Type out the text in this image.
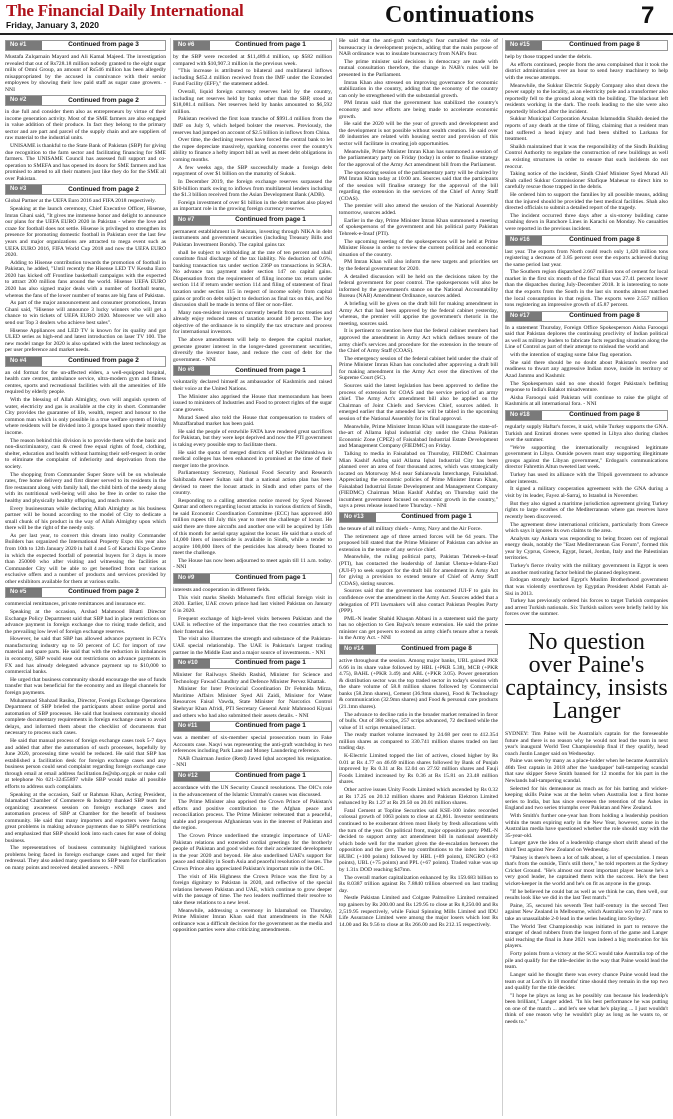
The Financial Daily International
Friday, January 3, 2020	Continuations	7
No #1	Continued from page 3

Mustafa Zulqarnain Mayard and Ali Kamal Majeed. The investigation revealed that out of Rs728.18 million nobody granted to the eight sugar mills of Omni Group, an amount of Rs546 million has been allegedly misappropriated by the accused in connivance with their senior employees by showing their low paid staff as sugar cane growers. - NNI

No #2	Continued from page 2

in due full and consider them also as entrepreneurs by virtue of their income generation activity. Most of the SME farmers are also engaged in value addition of their produce. In fact they belong to the primary sector and are part and parcel of the supply chain and are suppliers of raw material to the industrial units.

UNISAME is thankful to the State Bank of Pakistan (SBP) for giving due recognition to the farm sector and facilitating financing for SME farmers. The UNISAME Council has assessed full support and co-operation to SMEFA and has opened its doors for SME farmers and has promised to attend to all their matters just like they do for the SME all over Pakistan.

No #3	Continued from page 2

Global Partner at the UEFA Euro 2016 and FIFA 2018 respectively.

Speaking at the launch ceremony, Chief Executive Officer, Hisense, Imran Ghani said, "It gives me immense honor and delight to announce our plans for the UEFA EURO 2020 in Pakistan - where the love and craze for football does not settle. Hisense is privileged to strengthen its presence for promoting domestic football in Pakistan over the last few years and major organizations are attracted to mega event such as UEFA EURO 2016, FIFA World Cup 2018 and now the UEFA EURO 2020.

Adding to Hisense contribution towards the promotion of football in Pakistan, he added, "Until recently the Hisense LED TV Kessha Euro 2020 has kicked off Frontline basketball campaigns with the expected to attract 200 million fans around the world. Hisense UEFA EURO 2020 has also signed major deals with a number of football teams, whereas the fans of the lower number of teams are big fans of Pakistan.

As part of the major announcement and consumer promotions, Imran Ghani said, "Hisense will announce 3 lucky winners who will get a chance to win tickets of UEFA EURO 2020. Moreover we will also send our Top 3 dealers who achieve best sales".

Hisense Appliances and LED TV is known for its quality and got ULED series as high-end and latest introduction on laser TV 100. The new model range for 2020 is also updated with the latest technology as per user preference and market needs.

No #4	Continued from page 2

an old format for the un-affected elders, a well-equipped hospital, health care centres, ambulance service, ultra-modern gym and fitness centres, sports and recreational facilities with all the amenities of life required by elderly people.

With the blessing of Allah Almighty, own will anguish system of water, electricity and gas is available at the city in short. Commander City provides the guarantee of life, wealth, respect and honour to the common man which is only possible in a true welfare system of living where residents will be divided into 3 groups based upon their monthly income.

The reason behind this division is to provide them with the basic and non-discriminatory, cast & creed free equal rights of food, clothing, shelter, education and health without harming their self-respect in order to eliminate the complaint of inferiority and deprivation from the society.

The shopping from Commander Super Store will be on wholesale rates, free home delivery and first dinner served to its residents in the fire restaurant along with family hall, the child birth of the needy along with its nutritional well-being will also be free in order to raise the healthy and physically healthy offspring, and much more.

Every businessman while declaring Allah Almighty as his business partner will be bound according to the model of City to dedicate a small chunk of his product in the way of Allah Almighty upon which there will be the right of the needy only.

As per last year, to convert this dream into reality Commander Builders has organized the International Property Expo this year also from 10th to 12th January 2020 in hall 4 and 5 of Karachi Expo Centre in which the expected footfall of potential buyers for 3 days is more than 250000 who after visiting and witnessing the facilities at Commander City will be able to get benefited from our various exclusive offers and a number of products and services provided by other exhibitors available for them at various stalls.

No #5	Continued from page 2

commercial remittances, private remittances and insurance etc.

Speaking at the occasion, Arshad Mahmood Bhatti Director Exchange Policy Department said that SBP had in place restrictions on advance payment in foreign exchange due to rising trade deficit, and the prevailing low level of foreign exchange reserves.

However, he said that SBP has allowed advance payment in FCYs manufacturing industry up to 50 percent of LC for import of raw material and spare parts. He said that with the reduction in imbalances in economy, SBP would ease out restrictions on advance payments in FX and has already delegated advance payment up to $10,000 to commercial banks.

He urged that business community should encourage the use of funds transfer that was beneficial for the economy and an illegal channels for foreign payments.

Muhammad Shahzad Rasika, Director, Foreign Exchange Operations Department of SBP briefed the participants about online portal and automation of SBP processes. He said that business community should complete documentary requirements in foreign exchange cases to avoid delays, and informed them about the checklist of documents that necessary to process such cases.

He said that manual process of foreign exchange cases took 5-7 days and added that after the automation of such processes, hopefully by June 2020, processing time would be reduced. He said that SBP has established a facilitation desk for foreign exchange cases and any business person could send complaint regarding foreign exchange case through email at email address facilitation.fe@sbp.org.pk or make call at telephone No 021-32455897 while SBP would make all possible efforts to address such complaints.

Speaking at the occasion, Saif ur Rahman Khan, Acting President, Islamabad Chamber of Commerce & Industry thanked SBP team for organizing awareness session on foreign exchange cases and automation process of SBP at Chamber for the benefit of business community. He said that many importers and exporters were facing great problems in making advance payments due to SBP's restrictions and emphasized that SBP should look into such cases for ease of doing business.

The representatives of business community highlighted various problems being faced in foreign exchange cases and urged for their redressal. They also asked many questions to SBP team for clarification on many points and received detailed answers. - NNI

No #6	Continued from page 1

by the SBP were recorded at $11,489.4 million, up $582 million compared with $10,907.3 million in the previous week.

"This increase is attributed to bilateral and multilateral inflows including $452.4 million received from the IMF under the Extended Fund Facility (EFF)," the statement added.

Overall, liquid foreign currency reserves held by the country, including net reserves held by banks other than the SBP, stood at $18,081.4 million. Net reserves held by banks amounted to $6,592 million.

Pakistan received the first loan tranche of $991.4 million from the IMF on July 9, which helped bolster the reserves. Previously, the reserves had jumped on account of $2.5 billion in inflows from China.

Over time, the declining reserves have forced the central bank to let the rupee depreciate massively, sparking concerns over the country's ability to finance a hefty import bill as well as meet debt obligations in coming months.

A few weeks ago, the SBP successfully made a foreign debt repayment of over $1 billion on the maturity of Sukuk.

In December 2019, the foreign exchange reserves surpassed the $10-billion mark owing to inflows from multilateral lenders including the $1.3 billion received from the Asian Development Bank (ADB).

Foreign investment of over $1 billion in the debt market also played an important role in the growing foreign currency reserves.

No #7	Continued from page 1

permanent establishment in Pakistan, investing through NIKA in debt instruments and government securities (including Treasury Bills and Pakistan Investment Bonds). The capital gains tax

shall be subject to withholding at the rate of ten percent and shall constitute final discharge of the tax liability. No deduction of 0.6%, banking transaction tax under section 236P on transactions in SCRA. No advance tax payment under section 147 on capital gains. Dispensation from the requirement of filing income tax return under section 114 if return under section 114 and filing of statement of final taxation under section 115 in respect of income solely from capital gains or profit on debt subject to deduction as final tax on this, and No discussion shall be made in terms of filer or non-filer.

Many non-resident investors currently benefit from tax treaties and already enjoy reduced rates of taxation around 10 percent. The key objective of the ordinance is to simplify the tax structure and process for international investors.

The above amendments will help to deepen the capital market, generate greater interest in the longer-dated government securities, diversify the investor base, and reduce the cost of debt for the government. - NNI

No #8	Continued from page 1

voluntarily declared himself as ambassador of Kashmiris and raised their voice at the United Nations.

The Minister also apprised the House that memorandum has been issued to ministers of Industries and Food to protect rights of the sugar cane growers.

Murad Saeed also told the House that compensation to traders of Muzaffarabad market has been paid.

He said the people of erstwhile FATA have rendered great sacrifices for Pakistan, but they were kept deprived and now the PTI government is taking every possible step to facilitate them.

He said the quota of merged districts of Khyber Pakhtunkhwa in medical colleges has been enhanced in promised at the time of their merger into the province.

Parliamentary Secretary, National Food Security and Research Sahibzada Ameer Sultan said that a national action plan has been devised to meet the locust attack in Sindh and other parts of the country.

Responding to a calling attention notice moved by Syed Naveed Qamar and others regarding locust attacks in various districts of Sindh, he said Economic Coordination Committee (ECC) has approved 460 million rupees till July this year to meet the challenge of locust. He said there are three aircrafts and another one will be acquired by 15th of this month for aerial spray against the locust. He said that a stock of 14,000 liters of insecticide is available in Sindh, while a tender to acquire 100,000 liters of the pesticides has already been floated to meet the challenge.

The House has now been adjourned to meet again till 11 a.m. today. - NNI

No #9	Continued from page 1

interests and cooperation in different fields.

This visit marks Sheikh Mohamed's first official foreign visit in 2020. Earlier, UAE crown prince had last visited Pakistan on January 6 in 2020.

Frequent exchange of high-level visits between Pakistan and the UAE is reflective of the importance that the two countries attach to their fraternal ties.

The visit also illustrates the strength and substance of the Pakistan-UAE special relationship. The UAE is Pakistan's largest trading partner in the Middle East and a major source of investments. - NNI

No #10	Continued from page 1

Minister for Railways Sheikh Rashid, Minister for Science and Technology Fawad Chaudhry and Defence Minister Pervez Khattak.

Minister for Inter Provincial Coordination Dr Fehmida Mirza, Maritime Affairs Minister Syed Ali Zaidi, Minister for Water Resources Faisal Vawda, State Minister for Narcotics Control Shehryar Khan Afridi, PTI Secretary General Amir Mahmood Kiyani and others who had also submitted their assets details. - NNI

No #11	Continued from page 1

was a member of six-member special prosecution team in Fake Accounts case. Naqvi was representing the anti-graft watchdog in two references including Park Lane and Money Laundering reference.

NAB Chairman Justice (Retd) Javed Iqbal accepted his resignation. - NNI

No #12	Continued from page 1

accordance with the UN Security Council resolutions. The OIC's role in the advancement of the Islamic Ummah's causes was discussed.

The Prime Minister also apprised the Crown Prince of Pakistan's efforts and positive contribution to the Afghan peace and reconciliation process. The Prime Minister reiterated that a peaceful, stable and prosperous Afghanistan was in the interest of Pakistan and the region.

The Crown Prince underlined the strategic importance of UAE-Pakistan relations and extended cordial greetings for the brotherly people of Pakistan and good wishes for their accelerated development in the year 2020 and beyond. He also underlined UAE's support for peace and stability in South Asia and peaceful resolution of issues. The Crown Prince also appreciated Pakistan's important role in the OIC.

The visit of His Highness the Crown Prince was the first by a foreign dignitary to Pakistan in 2020, and reflective of the special relations between Pakistan and UAE, which continue to grow deeper with the passage of time. The two leaders reaffirmed their resolve to take these relations to a new level.

Meanwhile, addressing a ceremony in Islamabad on Thursday, Prime Minister Imran Khan said that amendments in the NAB ordinance was a difficult decision for the government as the media and opposition parties were also criticizing amendments.

He said that the anti-graft watchdog's fear curtailed the role of bureaucracy in development projects, adding that the main purpose of NAB ordinance was to insulate bureaucracy from NAB's fear.

The prime minister said decisions in democracy are made with mutual consultation therefore, the change in NAB's rules will be presented in the Parliament.

Imran Khan also stressed on improving governance for economic stabilization in the country, adding that the economy of the country can only be strengthened with the substantial growth.

PM Imran said that the government has stabilized the country's economy and now efforts are being made to accelerate economic growth.

He said the 2020 will be the year of growth and development and the development is not possible without wealth creation. He said over 40 industries are related with housing sector and provision of this sector will facilitate in creating job opportunities.

Meanwhile, Prime Minister Imran Khan has summoned a session of the parliamentary party on Friday (today) in order to finalise strategy for the approval of the Army Act amendment bill from the Parliament.

The sponsoring session of the parliamentary party will be chaired by PM Imran Khan today at 10:00 am. Sources said that the participants of the session will finalise strategy for the approval of the bill regarding the extension in the services of the Chief of Army Staff (COAS).

The premier will also attend the session of the National Assembly tomorrow, sources added.

Earlier in the day, Prime Minister Imran Khan summoned a meeting of spokespersons of the government and his political party Pakistan Tehreek-e-Insaf (PTI).

The upcoming meeting of the spokespersons will be held at Prime Minister House in order to review the current political and economic situation of the country.

PM Imran Khan will also inform the new targets and priorities set by the federal government for 2020.

A detailed discussion will be held on the decisions taken by the federal government for poor control. The spokespersons will also be informed by the government's stance on the National Accountability Bureau (NAB) Amendment Ordinance, sources added.

A briefing will be given on the draft bill for making amendment in Army Act that had been approved by the federal cabinet yesterday, whereas, the premier will apprise the government's rhetoric in the meeting, sources said.

It is pertinent to mention here that the federal cabinet members had approved the amendment in Army Act which defines tenure of the army chief's services and procedure for the extension in the tenure of the Chief of Army Staff (COAS).

The emergency session of the federal cabinet held under the chair of Prime Minister Imran Khan has concluded after approving a draft bill for making amendment in the Army Act over the directives of the Supreme Court (SC).

Sources said the latest legislation has been approved to define the process of extension for COAS and the service period of an army chief. The Army Act's amendment bill also be applied on the Chairman of Joint Chiefs and Services Chief, sources added. It emerged earlier that the amended law will be tabled in the upcoming session of the National Assembly for its final approval.

Meanwhile, Prime Minister Imran Khan will inaugurate the state-of-the-art of Allama Iqbal industrial city under the China Pakistan Economic Zone (CPEZ) of Faisalabad Industrial Estate Development and Management Company (FIEDMC) on Friday.

Talking to media in Faisalabad on Thursday, FIEDMC Chairman Mian Kashif Ashfaq said Allama Iqbal Industrial City has been planned over an area of four thousand acres, which was strategically located on Motorway M-4 near Sahianwala Interchange, Faisalabad. Appreciating the economic policies of Prime Minister Imran Khan, Faisalabad Industrial Estate Development and Management Company (FIEDMC) Chairman Mian Kashif Ashfaq on Thursday said the incumbent government focused on economic growth in the country," says a press release issued here Thursday. - NNI

No #13	Continued from page 1

the tenure of all military chiefs - Army, Navy and the Air Force.

The retirement age of three armed forces will be 64 years. The proposed bill stated that the Prime Minister of Pakistan can advise an extension in the tenure of any service chief.

Meanwhile, the ruling political party, Pakistan Tehreek-e-Insaf (PTI), has contacted the leadership of Jamiat Ulema-e-Islam-Fazl (JUI-F) to seek support for the draft bill for amendment in Army Act for giving a provision to extend tenure of Chief of Army Staff (COAS), sisting sources.

Sources said that the government has contacted JUI-F to gain its confidence over the amendment in the Army Act. Sources added that a delegation of PTI lawmakers will also contact Pakistan Peoples Party (PPP).

PML-N leader Shahid Khaqan Abbasi in a statement said the party has no objection to Gen Bajwa's tenure extension. He said the prime minister can get powers to extend an army chief's tenure after a tweak in the Army Act. - NNI

No #14	Continued from page 8

active throughout the session. Among major banks, UBL gained PKR 6.66 in its share value followed by HBL (+PKR 5.38), MCB (+PKR 4.75), BAHL (+PKR 3.49) and ABL (+PKR 3.05). Power generation & distribution sector was the top traded sector in today's session with the share volume of 58.8 million shares followed by Commercial banks (58.2mn shares), Cement (36.9mn shares), Food & Technology & communication (32.9mn shares) and Food & personal care products (21.1mn shares).

The advance to decline ratio in the broader market remained in favor of bulls. Out of 380 scrips, 257 scrips advanced, 72 declined while the value of 11 scrips remained intact.

The ready market volume increased by 24.68 per cent to 412.354 million shares as compared to 330.741 million shares traded on last trading day.

K-Electric Limited topped the list of actives, closed higher by Rs 0.01 at Rs 4.77 on 46.69 million shares followed by Bank of Punjab improved by Rs 0.31 at Rs 12.04 on 27.92 million shares and Fauji Foods Limited increased by Rs 0.36 at Rs 15.81 on 23.48 million shares.

Other active issues Unity Foods Limited which ascended by Rs 0.32 at Rs 17.25 on 20.12 million shares and Pakistan Elektron Limited enhanced by Rs 1.27 at Rs 29.50 on 20.01 million shares.

Fatal Cement at Topline Securities said KSE-100 index recorded colossal growth of 1063 points to close at 42,861. Investor sentiments continued to be exuberant driven most likely by fresh allocations with the turn of the year. On political front, major opposition party PML-N decided to support army act amendment bill in national assembly which bode well for the market given the de-escalation between the opposition and the govt. The top contributions to the index included HUBC (+100 points) followed by HBL (+89 points), ENGRO (+83 points), UBL (+75 points) and PPL (+67 points). Traded value was up by 1.31x DOD reaching $47mn.

The overall market capitalization enhanced by Rs 159.683 billion to Rs 8.0387 trillion against Rs 7.8840 trillion observed on last trading day.

Nestle Pakistan Limited and Colgate Palmolive Limited remained top gainers by Rs 200.00 and Rs 129.95 to close at Rs 8,250.00 and Rs 2,519.95 respectively, while Faisal Spinning Mills Limited and IDU Life Assurance Limited were among the major losers which lost Rs 14.00 and Rs 9.56 to close at Rs 266.00 and Rs 212.15 respectively.

No #15	Continued from page 8

help by those trapped under the debris.

As efforts continued, people from the area complained that it took the district administration over an hour to send heavy machinery to help with the rescue attempts.

Meanwhile, the Sukkur Electric Supply Company also shut down the power supply to the locality, as an electricity pole and a transformer also reportedly fell to the ground along with the building. The blackout left residents working in the dark. The roofs leading to the site were also reportedly blocked after the incident.

Sukkur Municipal Corporation Arsalan Islamuddin Shaikh denied the reports of any death at the time of filing, claiming that a resident man had suffered a head injury and had been shifted to Larkana for treatment.

Shaikh maintained that it was the responsibility of the Sindh Building Control Authority to regulate the construction of new buildings as well as existing structures in order to ensure that such incidents do not reoccur.

Taking notice of the incident, Sindh Chief Minister Syed Murad Ali Shah called Sukkur Commissioner Shafique Mahesar to direct him to carefully rescue those trapped in the debris.

He ordered him to support the families by all possible means, adding that the injured should be provided the best medical facilities. Shah also directed officials to submit a detailed report of the tragedy.

The incident occurred three days after a six-storey building came crashing down in Ranchore Lines in Karachi on Monday. No casualties were reported in the previous incident.

No #16	Continued from page 8

last year. The exports from North could reach only 1,420 million tons registering a decrease of 3.85 percent over the exports achieved during the same period last year.

The Southern region dispatched 2.667 million tons of cement for local market in the first six month of the fiscal that was 27.41 percent lower than the dispatches during July-December 2018. It is interesting to note that the exports from the South in the last six months almost matched the local consumption in that region. The exports were 2.557 million tons registering an impressive growth of 45.87 percent.

No #17	Continued from page 8

In a statement Thursday, Foreign Office Spokesperson Aisha Farooqui said that Pakistan deplores the continuing proclivity of Indian political as well as military leaders to fabricate facts regarding situation along the Line of Control as part of their attempt to mislead the world and

with the intention of staging some false flag operation.

She said there should be no doubt about Pakistan's resolve and readiness to thwart any aggressive Indian move, inside its territory or Azad Jammu and Kashmir.

The Spokesperson said no one should forget Pakistan's befitting response to India's Balakot misadventure.

Aisha Farooqui said Pakistan will continue to raise the plight of Kashmiris at all international fora. - NNI

No #18	Continued from page 8

regularly supply Haftar's forces, it said, while Turkey supports the GNA. Turkish and Emirati drones were spotted in Libya also during clashes over the summer.

"We're supporting the internationally recognised legitimate government in Libya. Outside powers must stay supporting illegitimate groups against the Libyan government," Erdogan's communications director Fahrettin Altun tweeted last week.

Turkey has used its alliance with the Tripoli government to advance other interests.

It signed a military cooperation agreement with the GNA during a visit by its leader, Fayez al-Sarraj, to Istanbul in November.

But they also signed a maritime jurisdiction agreement giving Turkey rights to large swathes of the Mediterranean where gas reserves have recently been discovered.

The agreement drew international criticism, particularly from Greece which says it ignores its own claims to the area.

Analysts say Ankara was responding to being frozen out of regional energy deals, notably the "East Mediterranean Gas Forum", formed this year by Cyprus, Greece, Egypt, Israel, Jordan, Italy and the Palestinian territories.

Turkey's fierce rivalry with the military government in Egypt is seen as another motivating factor behind the planned deployment.

Erdogan strongly backed Egypt's Muslim Brotherhood government that was violently overthrown by Egyptian President Abdel Fattah al-Sisi in 2013.

Turkey has previously ordered his forces to target Turkish companies and arrest Turkish nationals. Six Turkish sailors were briefly held by his forces over the summer.

No question over Paine's captaincy, insists Langer

SYDNEY: Tim Paine will be Australia's captain for the foreseeable future and there is no reason why he would not lead the team in next year's inaugural World Test Championship final if they qualify, head coach Justin Langer said on Wednesday.

Paine was seen by many as a place-holder when he became Australia's 46th Test captain in 2018 after the 'sandpaper' ball-tampering scandal that saw skipper Steve Smith banned for 12 months for his part in the Newlands ball-tampering scandal.

Selected for his demeanour as much as for his batting and wicket-keeping skills Paine was at the helm when Australia lost a first home series to India, but has since overseen the retention of the Ashes in England and two series triumphs over Pakistan and New Zealand.

With Smith's further one-year ban from holding a leadership position within the team expiring early in the New Year, however, some in the Australian media have questioned whether the role should stay with the 35-year-old.

Langer gave the idea of a leadership change short shrift ahead of the third Test against New Zealand on Wednesday.

"Painey is there's been a lot of talk about, a lot of speculation. I mean that's from the outside, Tim's still there," he told reporters at the Sydney Cricket Ground. "He's almost our most important player because he's a very good leader, he captained them with the success. He's the best wicket-keeper in the world and he's on fit as anyone in the group.

"If he believed he could bat as well as we think he can, then well, our results look like we did in the last Test match."

Paine, 35, secured his seventh Test half-century in the second Test against New Zealand in Melbourne, which Australia won by 247 runs to take an unassailable 2-0 lead in the series heading into Sydney.

The World Test Championship was initiated in part to remove the stranger of dead rubbers from the longest form of the game and Langer said reaching the final in June 2021 was indeed a big motivation for his players.

Forty points from a victory at the SCG would take Australia top of the pile and qualify for the title-decider in the way that Paine would lead the team.

Langer said he thought there was every chance Paine would lead the team out at Lord's in 18 months' time should they remain in the top two and qualify for the title decider.

"I hope he plays as long as he possibly can because his leadership's been brilliant," Langer added. "In his best performance he was putting on one of the match ... and let's see what he's playing ... I just wouldn't think of one reason why he wouldn't play as long as he wants to, or needs to."
